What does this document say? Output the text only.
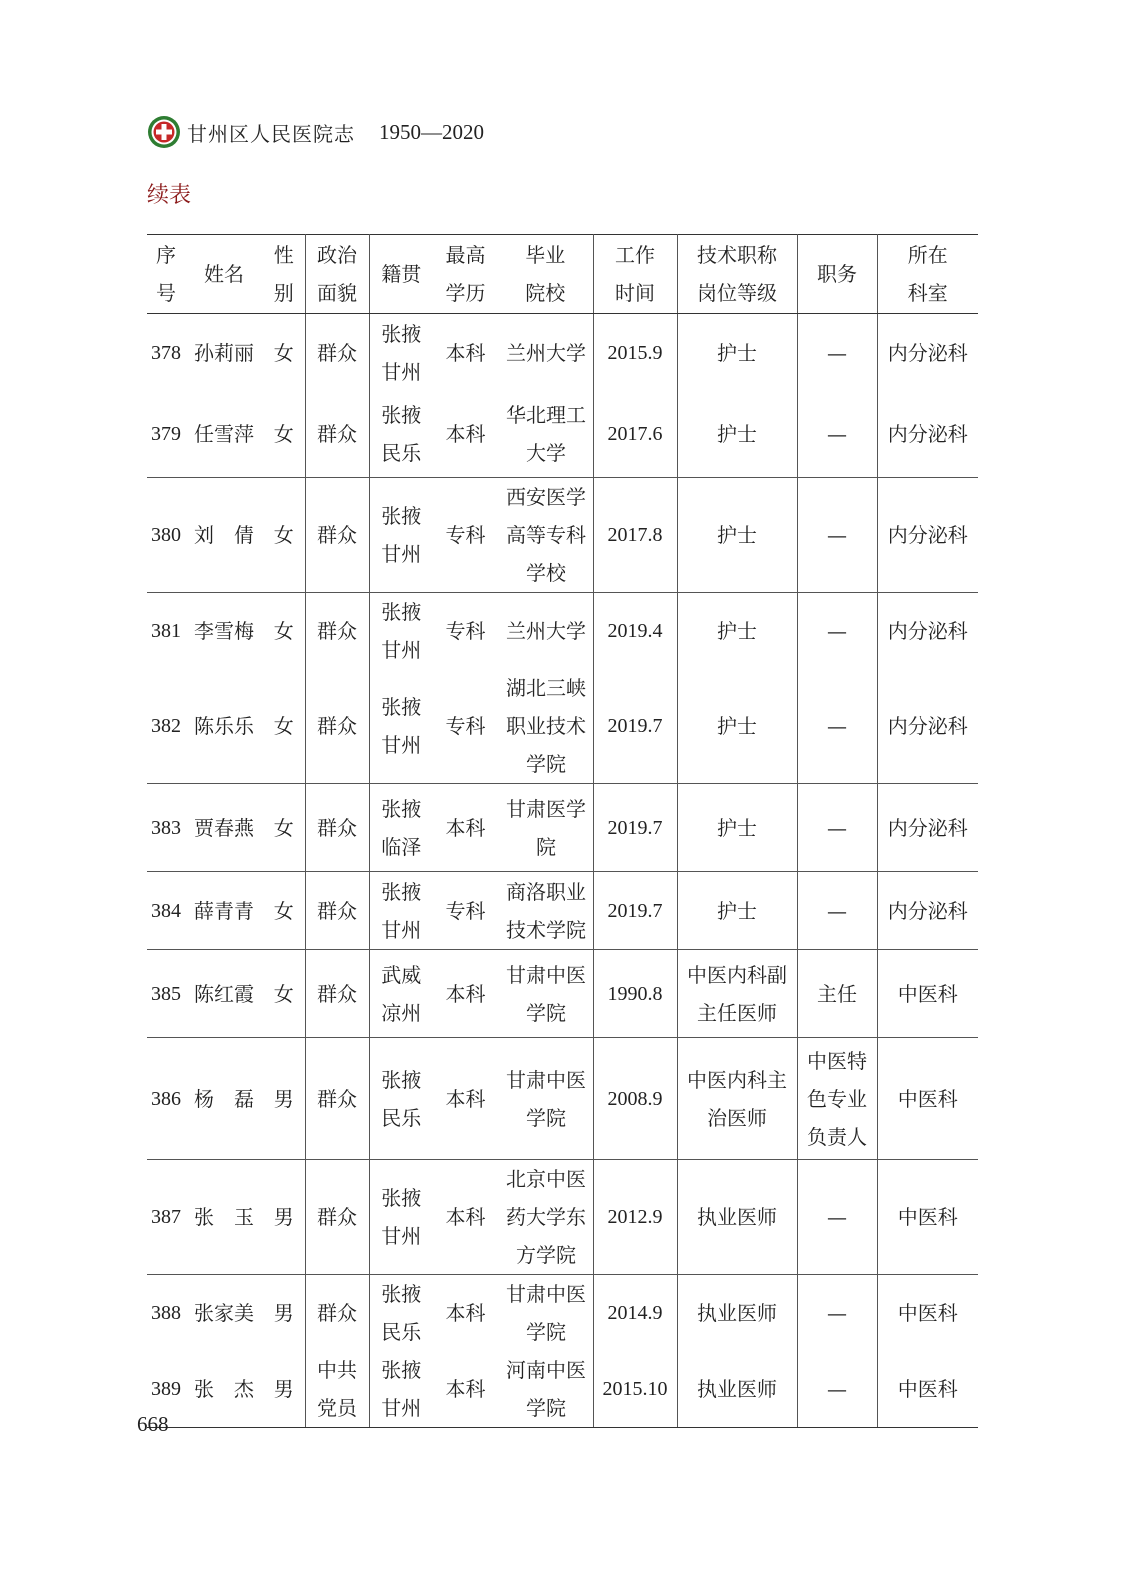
甘州区人民医院志 1950—2020
续表
序号	姓名	性别	政治面貌	籍贯	最高学历	毕业院校	工作时间	技术职称岗位等级	职务	所在科室
378	孙莉丽	女	群众	张掖甘州	本科	兰州大学	2015.9	护士	—	内分泌科
379	任雪萍	女	群众	张掖民乐	本科	华北理工大学	2017.6	护士	—	内分泌科
380	刘　倩	女	群众	张掖甘州	专科	西安医学高等专科学校	2017.8	护士	—	内分泌科
381	李雪梅	女	群众	张掖甘州	专科	兰州大学	2019.4	护士	—	内分泌科
382	陈乐乐	女	群众	张掖甘州	专科	湖北三峡职业技术学院	2019.7	护士	—	内分泌科
383	贾春燕	女	群众	张掖临泽	本科	甘肃医学院	2019.7	护士	—	内分泌科
384	薛青青	女	群众	张掖甘州	专科	商洛职业技术学院	2019.7	护士	—	内分泌科
385	陈红霞	女	群众	武威凉州	本科	甘肃中医学院	1990.8	中医内科副主任医师	主任	中医科
386	杨　磊	男	群众	张掖民乐	本科	甘肃中医学院	2008.9	中医内科主治医师	中医特色专业负责人	中医科
387	张　玉	男	群众	张掖甘州	本科	北京中医药大学东方学院	2012.9	执业医师	—	中医科
388	张家美	男	群众	张掖民乐	本科	甘肃中医学院	2014.9	执业医师	—	中医科
389	张　杰	男	中共党员	张掖甘州	本科	河南中医学院	2015.10	执业医师	—	中医科
668
